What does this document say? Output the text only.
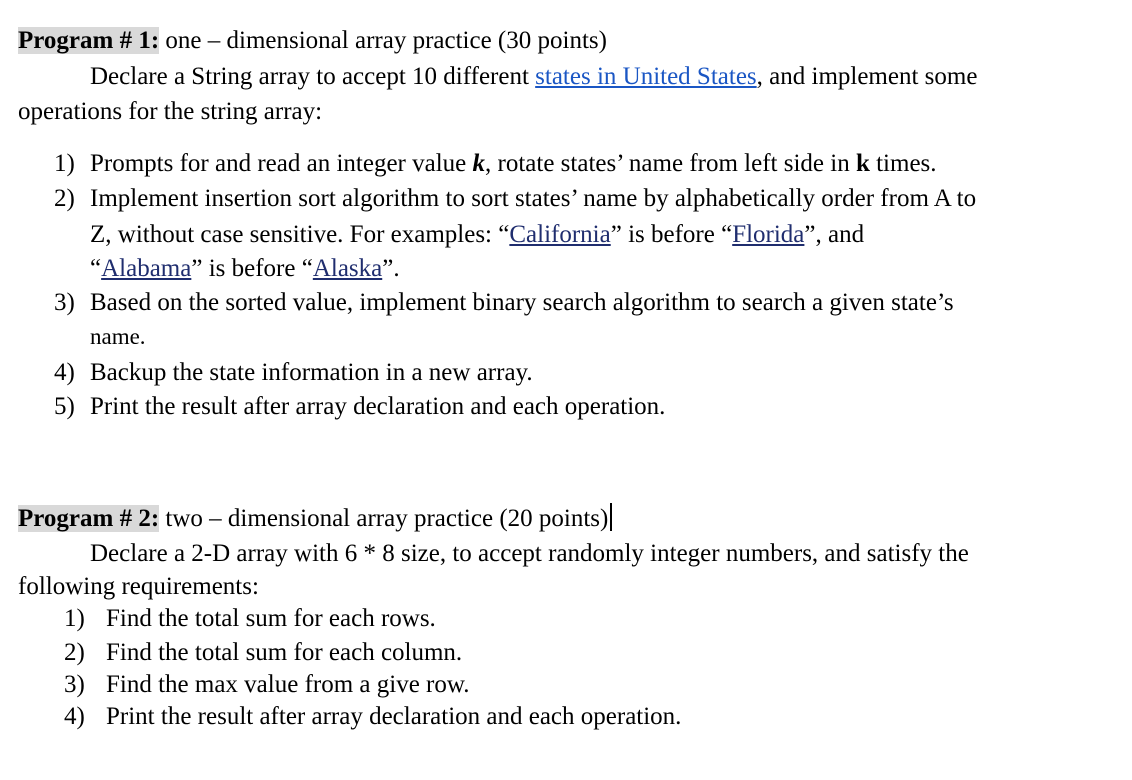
Program # 1: one – dimensional array practice (30 points)
Declare a String array to accept 10 different states in United States, and implement some
operations for the string array:
1) Prompts for and read an integer value k, rotate states’ name from left side in k times.
2) Implement insertion sort algorithm to sort states’ name by alphabetically order from A to
Z, without case sensitive. For examples: “California” is before “Florida”, and
“Alabama” is before “Alaska”.
3) Based on the sorted value, implement binary search algorithm to search a given state’s
name.
4) Backup the state information in a new array.
5) Print the result after array declaration and each operation.
Program # 2: two – dimensional array practice (20 points)
Declare a 2-D array with 6 * 8 size, to accept randomly integer numbers, and satisfy the
following requirements:
1) Find the total sum for each rows.
2) Find the total sum for each column.
3) Find the max value from a give row.
4) Print the result after array declaration and each operation.
